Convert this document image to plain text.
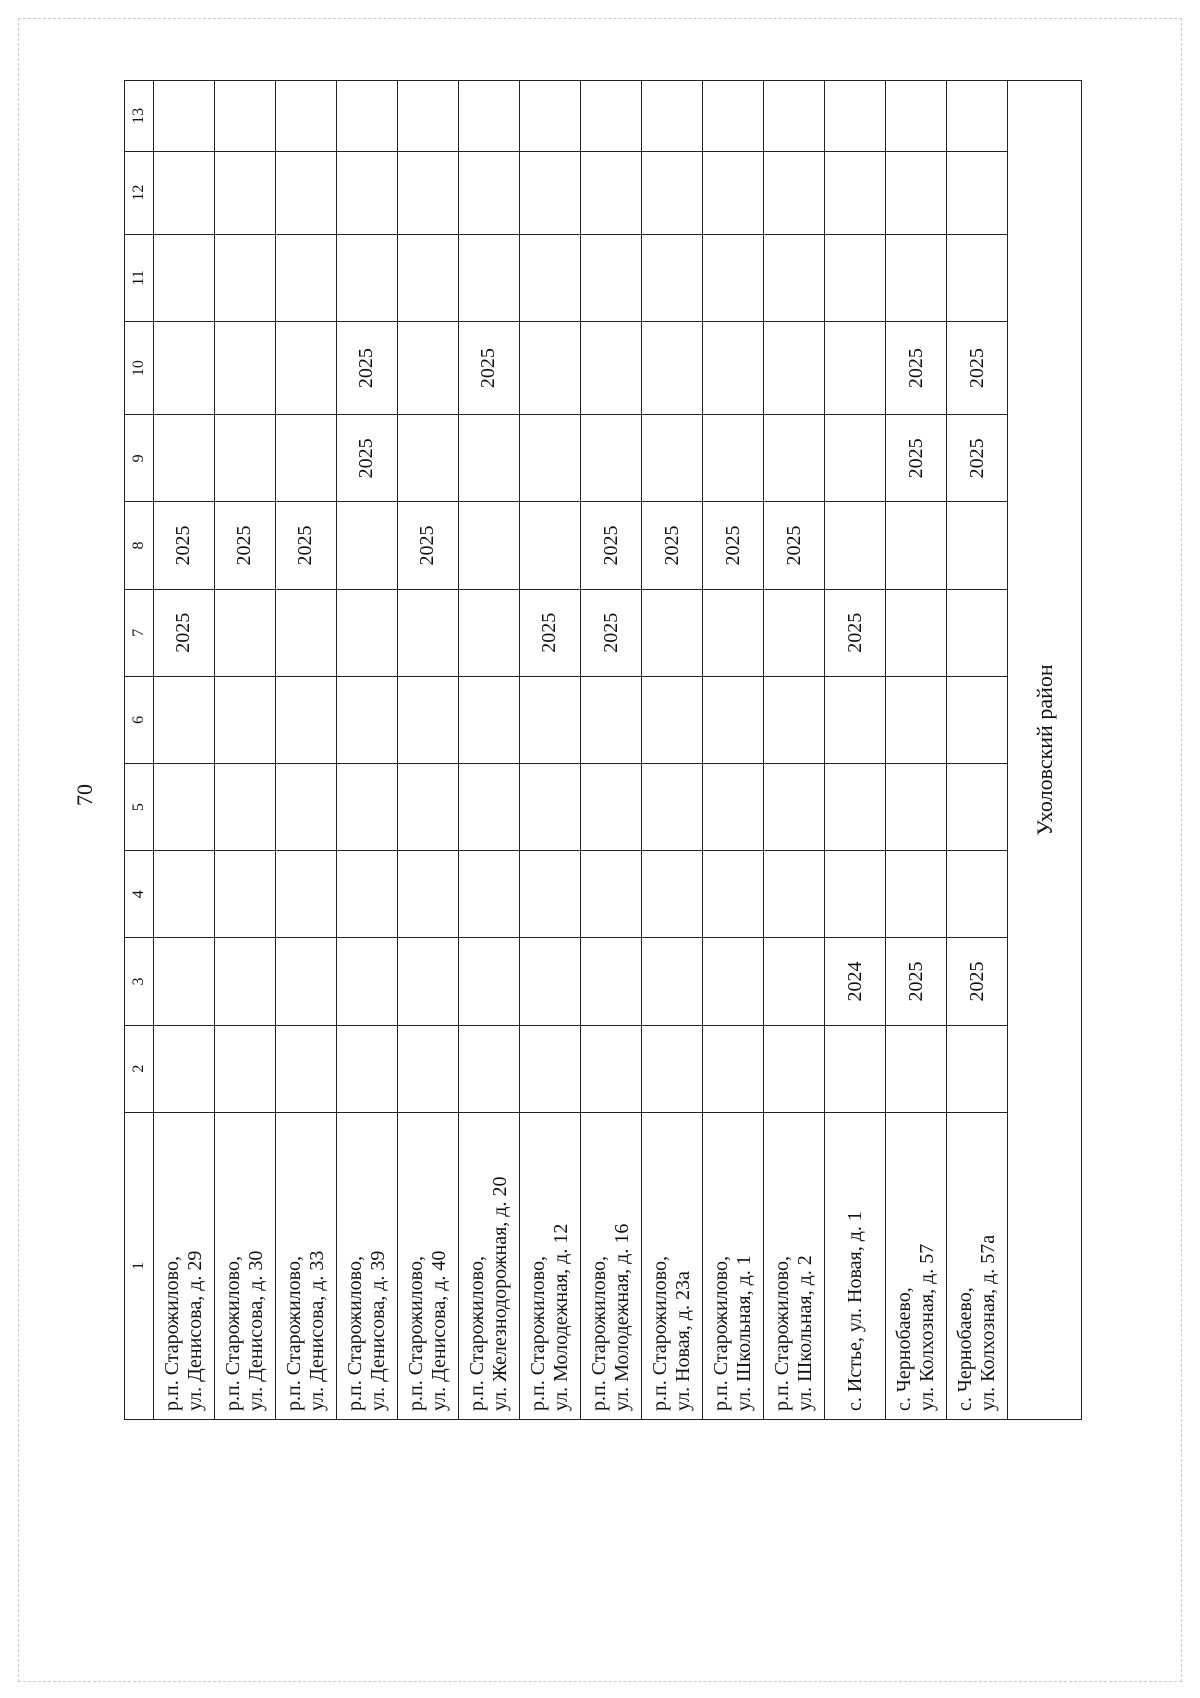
70
1	2	3	4	5	6	7	8	9	10	11	12	13

р.п. Старожилово, ул. Денисова, д. 29						2025	2025					

р.п. Старожилово, ул. Денисова, д. 30							2025					

р.п. Старожилово, ул. Денисова, д. 33							2025					

р.п. Старожилово, ул. Денисова, д. 39								2025	2025			

р.п. Старожилово, ул. Денисова, д. 40							2025					

р.п. Старожилово, ул. Железнодорожная, д. 20									2025			

р.п. Старожилово, ул. Молодежная, д. 12						2025						

р.п. Старожилово, ул. Молодежная, д. 16						2025	2025					

р.п. Старожилово, ул. Новая, д. 23а							2025					

р.п. Старожилово, ул. Школьная, д. 1							2025					

р.п. Старожилово, ул. Школьная, д. 2							2025					

с. Истье, ул. Новая, д. 1		2024				2025						

с. Чернобаево, ул. Колхозная, д. 57		2025						2025	2025			

с. Чернобаево, ул. Колхозная, д. 57а		2025						2025	2025			
Ухоловский район												
